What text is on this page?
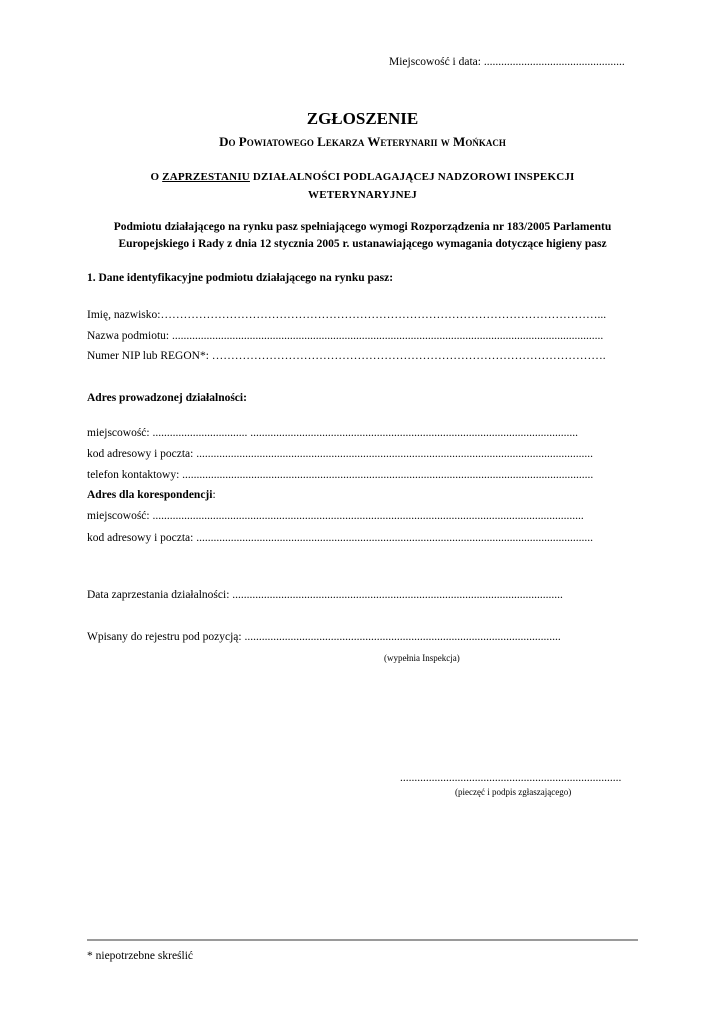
Miejscowość i data: .................................................
ZGŁOSZENIE
Do Powiatowego Lekarza Weterynarii w Mońkach
O ZAPRZESTANIU DZIAŁALNOŚCI PODLAGAJĄCEJ NADZOROWI INSPEKCJI
WETERYNARYJNEJ
Podmiotu działającego na rynku pasz spełniającego wymogi Rozporządzenia nr 183/2005 Parlamentu
Europejskiego i Rady z dnia 12 stycznia 2005 r. ustanawiającego wymagania dotyczące higieny pasz
1. Dane identyfikacyjne podmiotu działającego na rynku pasz:
Imię, nazwisko:……………………………………………………………………………………………………...
Nazwa podmiotu: ......................................................................................................................................................
Numer NIP lub REGON*: ………………………………………………………………………………………….
Adres prowadzonej działalności:
miejscowość: ................................. ..................................................................................................................
kod adresowy i poczta: ..........................................................................................................................................
telefon kontaktowy: ...............................................................................................................................................
Adres dla korespondencji:
miejscowość: ......................................................................................................................................................
kod adresowy i poczta: ..........................................................................................................................................
Data zaprzestania działalności: ...................................................................................................................
Wpisany do rejestru pod pozycją: ..............................................................................................................
(wypełnia Inspekcja)
.............................................................................
(pieczęć i podpis zgłaszającego)
* niepotrzebne skreślić
